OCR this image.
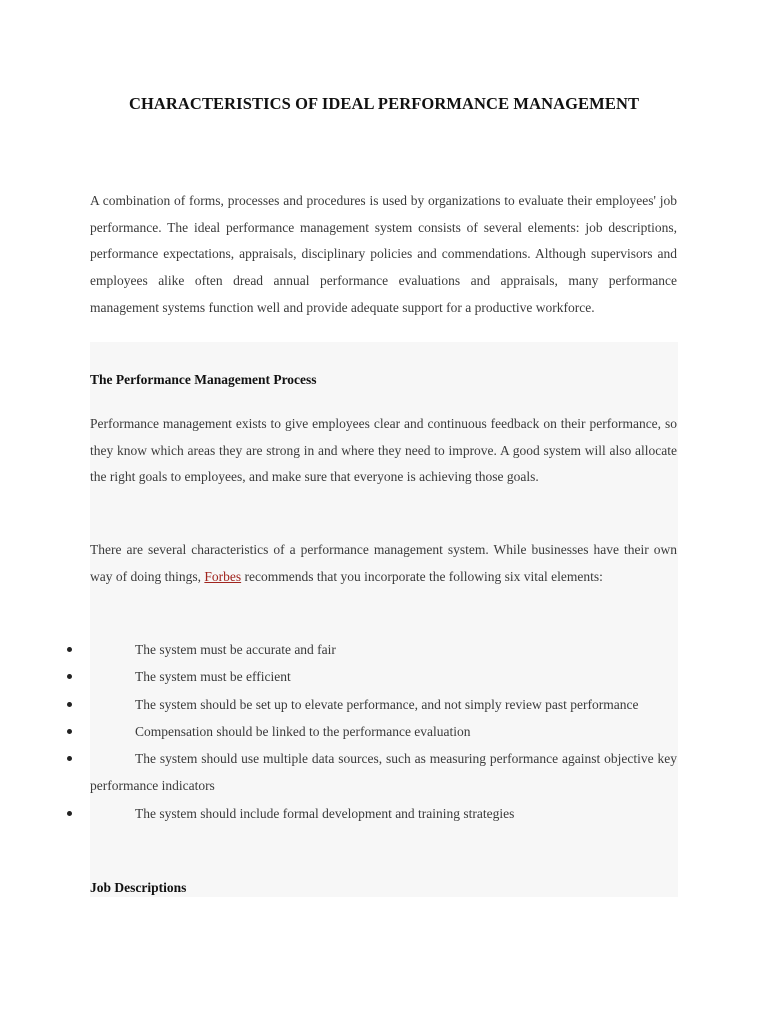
CHARACTERISTICS OF IDEAL PERFORMANCE MANAGEMENT

A combination of forms, processes and procedures is used by organizations to evaluate their employees' job performance. The ideal performance management system consists of several elements: job descriptions, performance expectations, appraisals, disciplinary policies and commendations. Although supervisors and employees alike often dread annual performance evaluations and appraisals, many performance management systems function well and provide adequate support for a productive workforce.

The Performance Management Process

Performance management exists to give employees clear and continuous feedback on their performance, so they know which areas they are strong in and where they need to improve. A good system will also allocate the right goals to employees, and make sure that everyone is achieving those goals.

There are several characteristics of a performance management system. While businesses have their own way of doing things, Forbes recommends that you incorporate the following six vital elements:

The system must be accurate and fair
The system must be efficient
The system should be set up to elevate performance, and not simply review past performance
Compensation should be linked to the performance evaluation
The system should use multiple data sources, such as measuring performance against objective key performance indicators
The system should include formal development and training strategies
Job Descriptions
